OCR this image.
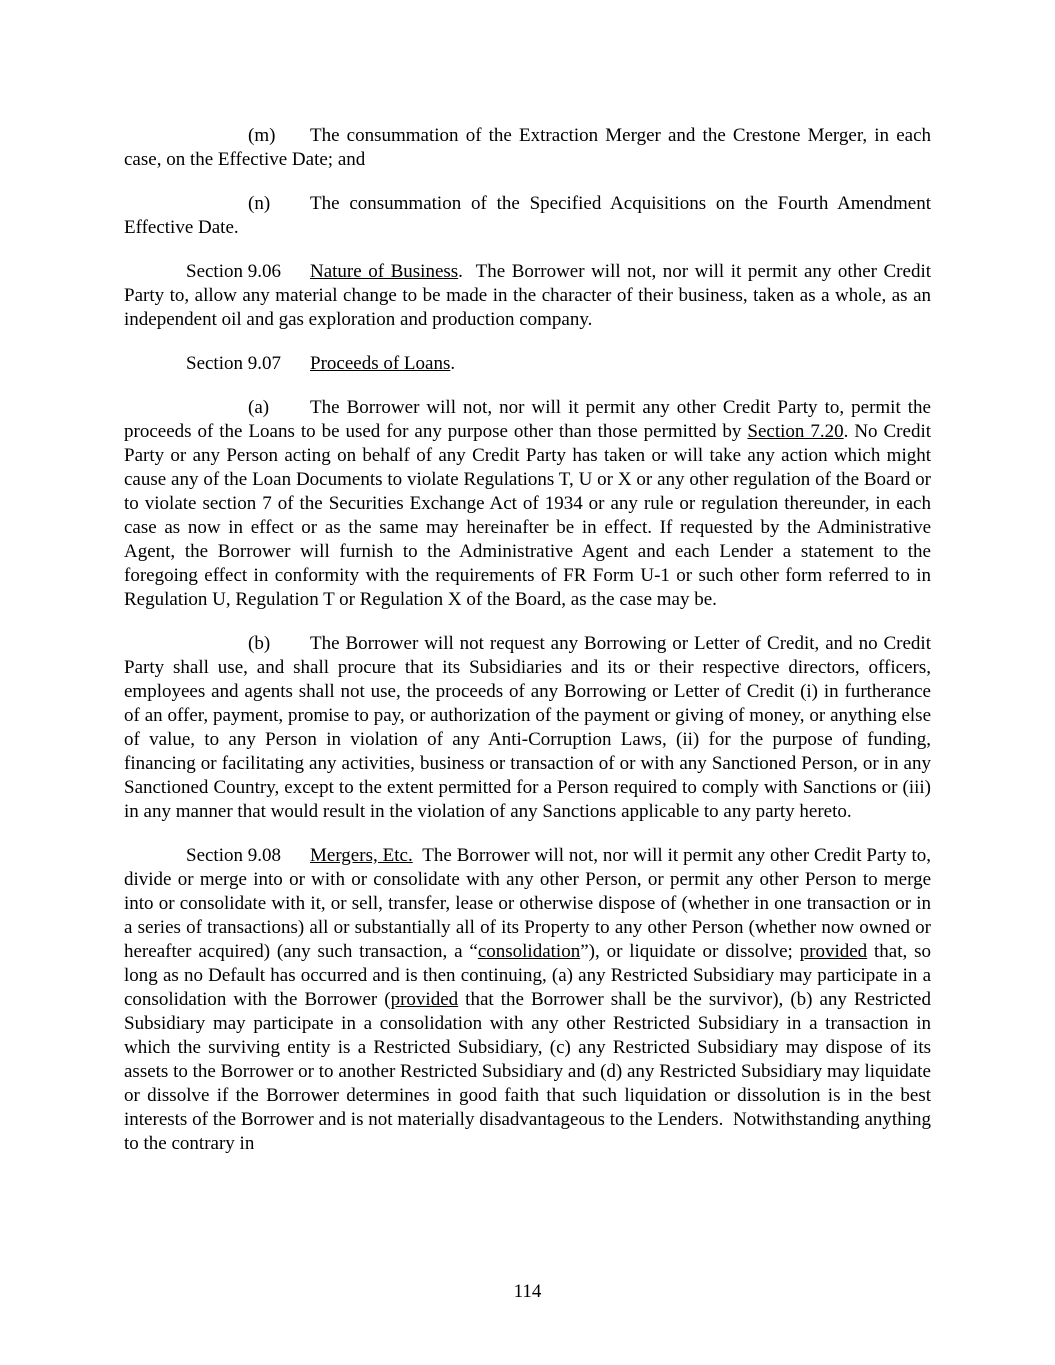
(m) The consummation of the Extraction Merger and the Crestone Merger, in each case, on the Effective Date; and

(n) The consummation of the Specified Acquisitions on the Fourth Amendment Effective Date.

Section 9.06 Nature of Business.  The Borrower will not, nor will it permit any other Credit Party to, allow any material change to be made in the character of their business, taken as a whole, as an independent oil and gas exploration and production company.

Section 9.07 Proceeds of Loans.

(a) The Borrower will not, nor will it permit any other Credit Party to, permit the proceeds of the Loans to be used for any purpose other than those permitted by Section 7.20. No Credit Party or any Person acting on behalf of any Credit Party has taken or will take any action which might cause any of the Loan Documents to violate Regulations T, U or X or any other regulation of the Board or to violate section 7 of the Securities Exchange Act of 1934 or any rule or regulation thereunder, in each case as now in effect or as the same may hereinafter be in effect. If requested by the Administrative Agent, the Borrower will furnish to the Administrative Agent and each Lender a statement to the foregoing effect in conformity with the requirements of FR Form U-1 or such other form referred to in Regulation U, Regulation T or Regulation X of the Board, as the case may be.

(b) The Borrower will not request any Borrowing or Letter of Credit, and no Credit Party shall use, and shall procure that its Subsidiaries and its or their respective directors, officers, employees and agents shall not use, the proceeds of any Borrowing or Letter of Credit (i) in furtherance of an offer, payment, promise to pay, or authorization of the payment or giving of money, or anything else of value, to any Person in violation of any Anti-Corruption Laws, (ii) for the purpose of funding, financing or facilitating any activities, business or transaction of or with any Sanctioned Person, or in any Sanctioned Country, except to the extent permitted for a Person required to comply with Sanctions or (iii) in any manner that would result in the violation of any Sanctions applicable to any party hereto.

Section 9.08 Mergers, Etc.  The Borrower will not, nor will it permit any other Credit Party to, divide or merge into or with or consolidate with any other Person, or permit any other Person to merge into or consolidate with it, or sell, transfer, lease or otherwise dispose of (whether in one transaction or in a series of transactions) all or substantially all of its Property to any other Person (whether now owned or hereafter acquired) (any such transaction, a “consolidation”), or liquidate or dissolve; provided that, so long as no Default has occurred and is then continuing, (a) any Restricted Subsidiary may participate in a consolidation with the Borrower (provided that the Borrower shall be the survivor), (b) any Restricted Subsidiary may participate in a consolidation with any other Restricted Subsidiary in a transaction in which the surviving entity is a Restricted Subsidiary, (c) any Restricted Subsidiary may dispose of its assets to the Borrower or to another Restricted Subsidiary and (d) any Restricted Subsidiary may liquidate or dissolve if the Borrower determines in good faith that such liquidation or dissolution is in the best interests of the Borrower and is not materially disadvantageous to the Lenders.  Notwithstanding anything to the contrary in

114
